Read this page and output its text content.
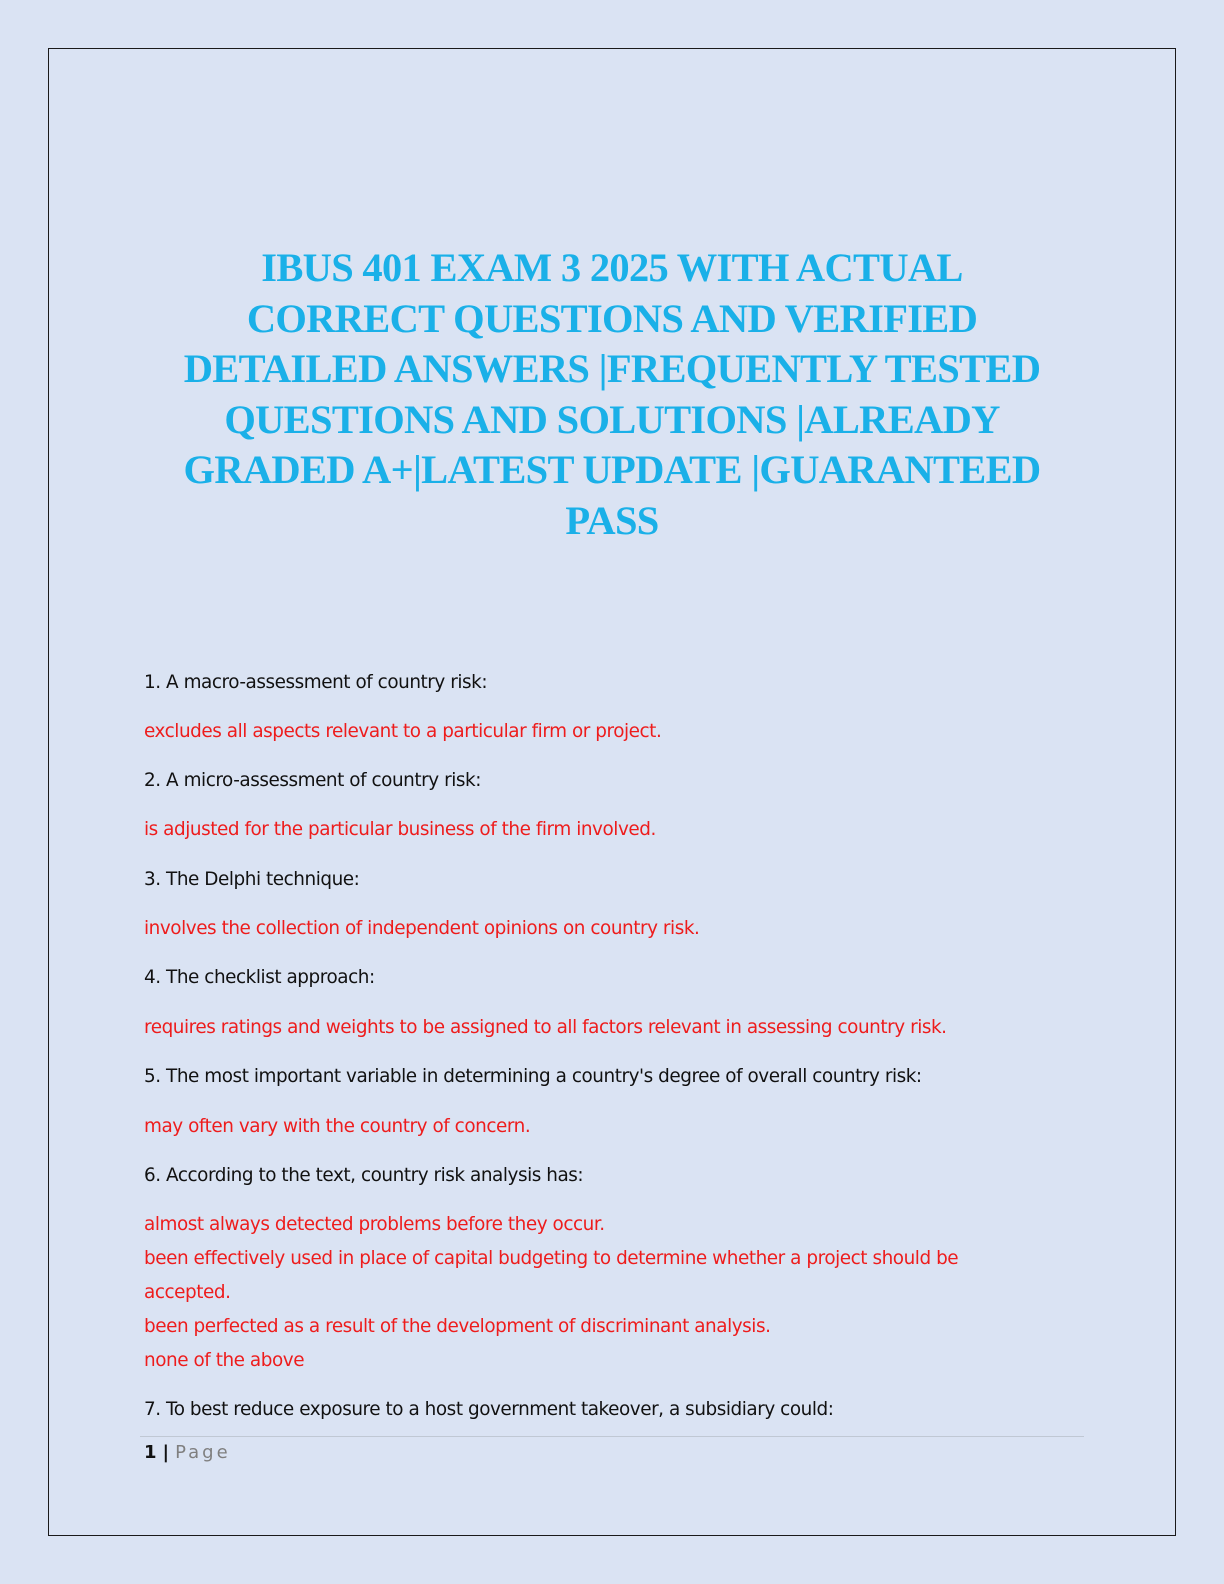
IBUS 401 EXAM 3 2025 WITH ACTUAL
CORRECT QUESTIONS AND VERIFIED
DETAILED ANSWERS |FREQUENTLY TESTED
QUESTIONS AND SOLUTIONS |ALREADY
GRADED A+|LATEST UPDATE |GUARANTEED
PASS
1. A macro-assessment of country risk:
excludes all aspects relevant to a particular firm or project.
2. A micro-assessment of country risk:
is adjusted for the particular business of the firm involved.
3. The Delphi technique:
involves the collection of independent opinions on country risk.
4. The checklist approach:
requires ratings and weights to be assigned to all factors relevant in assessing country risk.
5. The most important variable in determining a country's degree of overall country risk:
may often vary with the country of concern.
6. According to the text, country risk analysis has:
almost always detected problems before they occur.
been effectively used in place of capital budgeting to determine whether a project should be
accepted.
been perfected as a result of the development of discriminant analysis.
none of the above
7. To best reduce exposure to a host government takeover, a subsidiary could:
1 | Page
